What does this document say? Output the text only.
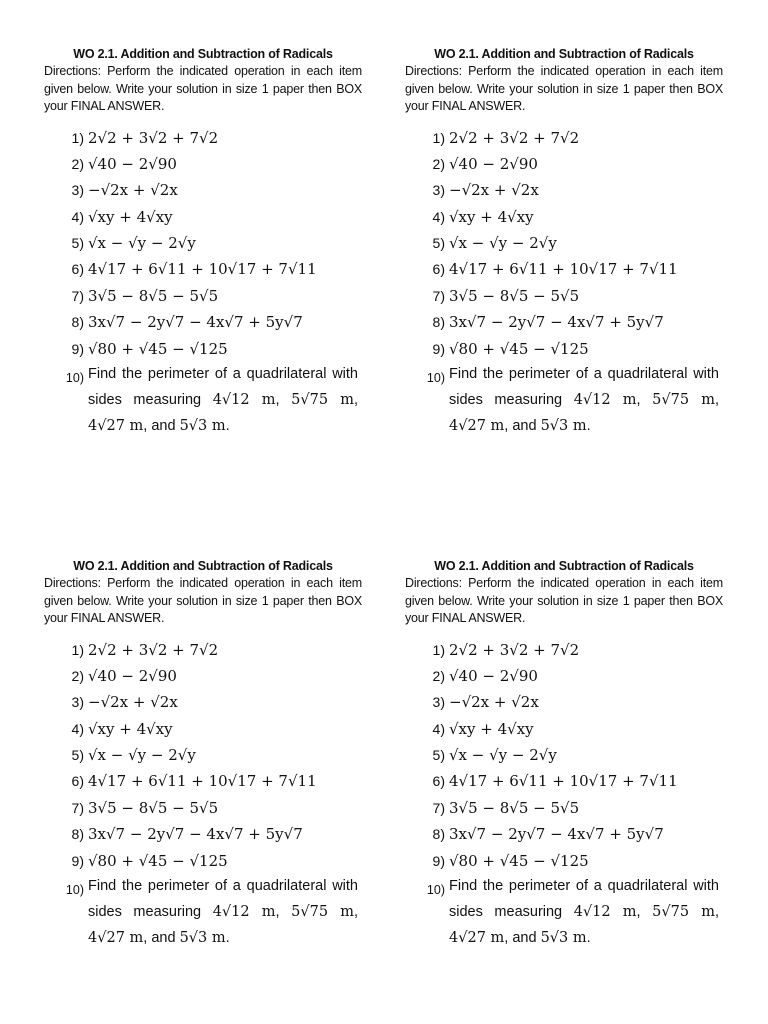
WO 2.1. Addition and Subtraction of Radicals
Directions: Perform the indicated operation in each item given below. Write your solution in size 1 paper then BOX your FINAL ANSWER.
1) 2√2 + 3√2 + 7√2
2) √40 − 2√90
3) −√2x + √2x
4) √xy + 4√xy
5) √x − √y − 2√y
6) 4√17 + 6√11 + 10√17 + 7√11
7) 3√5 − 8√5 − 5√5
8) 3x√7 − 2y√7 − 4x√7 + 5y√7
9) √80 + √45 − √125
10) Find the perimeter of a quadrilateral with sides measuring 4√12 m, 5√75 m, 4√27 m, and 5√3 m.
WO 2.1. Addition and Subtraction of Radicals
Directions: Perform the indicated operation in each item given below. Write your solution in size 1 paper then BOX your FINAL ANSWER.
1) 2√2 + 3√2 + 7√2
2) √40 − 2√90
3) −√2x + √2x
4) √xy + 4√xy
5) √x − √y − 2√y
6) 4√17 + 6√11 + 10√17 + 7√11
7) 3√5 − 8√5 − 5√5
8) 3x√7 − 2y√7 − 4x√7 + 5y√7
9) √80 + √45 − √125
10) Find the perimeter of a quadrilateral with sides measuring 4√12 m, 5√75 m, 4√27 m, and 5√3 m.
WO 2.1. Addition and Subtraction of Radicals
Directions: Perform the indicated operation in each item given below. Write your solution in size 1 paper then BOX your FINAL ANSWER.
1) 2√2 + 3√2 + 7√2
2) √40 − 2√90
3) −√2x + √2x
4) √xy + 4√xy
5) √x − √y − 2√y
6) 4√17 + 6√11 + 10√17 + 7√11
7) 3√5 − 8√5 − 5√5
8) 3x√7 − 2y√7 − 4x√7 + 5y√7
9) √80 + √45 − √125
10) Find the perimeter of a quadrilateral with sides measuring 4√12 m, 5√75 m, 4√27 m, and 5√3 m.
WO 2.1. Addition and Subtraction of Radicals
Directions: Perform the indicated operation in each item given below. Write your solution in size 1 paper then BOX your FINAL ANSWER.
1) 2√2 + 3√2 + 7√2
2) √40 − 2√90
3) −√2x + √2x
4) √xy + 4√xy
5) √x − √y − 2√y
6) 4√17 + 6√11 + 10√17 + 7√11
7) 3√5 − 8√5 − 5√5
8) 3x√7 − 2y√7 − 4x√7 + 5y√7
9) √80 + √45 − √125
10) Find the perimeter of a quadrilateral with sides measuring 4√12 m, 5√75 m, 4√27 m, and 5√3 m.
